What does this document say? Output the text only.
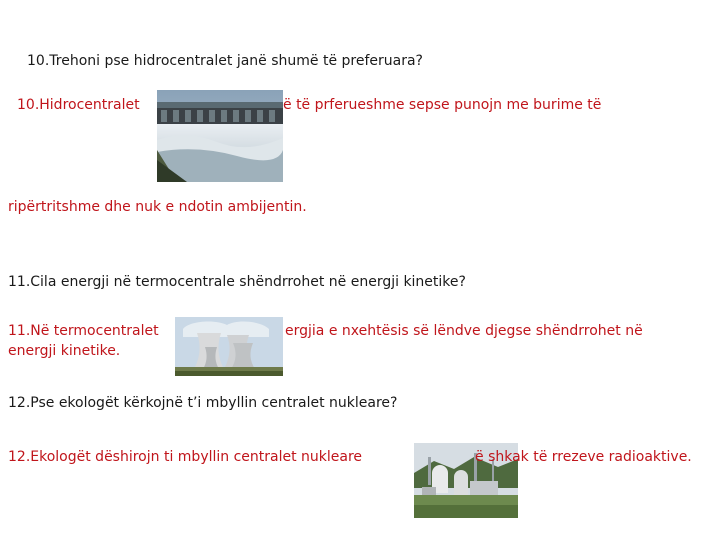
10.Trehoni pse hidrocentralet janë shumë të preferuara?

10.Hidrocentralet	ë të prferueshme sepse punojn me burime të

ripërtritshme dhe nuk e ndotin ambijentin.

11.Cila energji në termocentrale shëndrrohet në energji kinetike?

11.Në termocentralet	ergjia e nxehtësis së lëndve djegse shëndrrohet në

energji kinetike.

12.Pse ekologët kërkojnë t’i mbyllin centralet nukleare?

12.Ekologët dëshirojn ti mbyllin centralet nukleare	ë shkak të rrezeve radioaktive.
